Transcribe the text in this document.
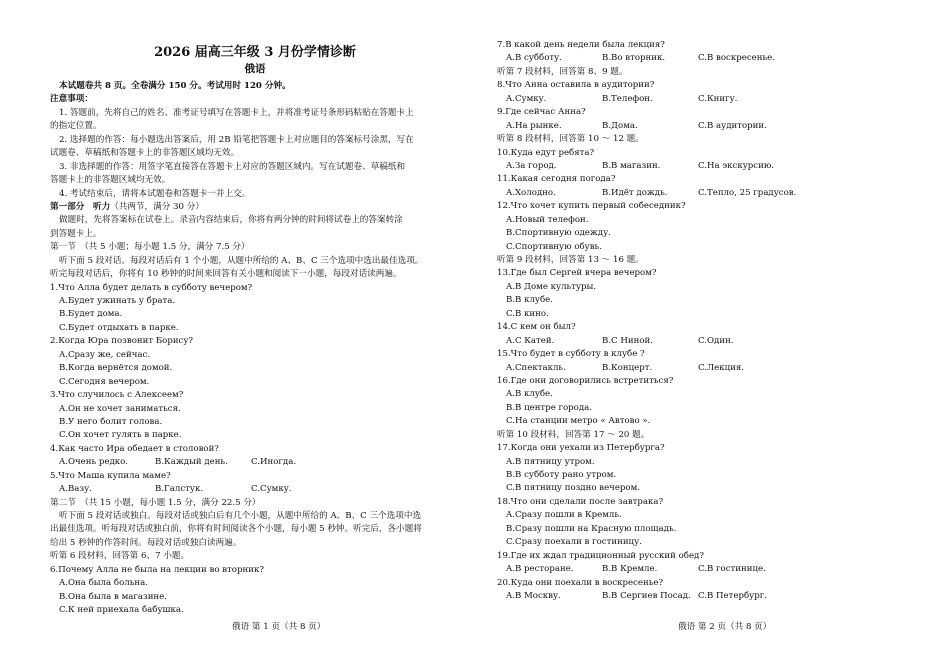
2026 届高三年级 3 月份学情诊断
俄语
本试题卷共 8 页。全卷满分 150 分。考试用时 120 分钟。
注意事项：
1. 答题前，先将自己的姓名、准考证号填写在答题卡上，并将准考证号条形码粘贴在答题卡上
的指定位置。
2. 选择题的作答：每小题选出答案后，用 2B 铅笔把答题卡上对应题目的答案标号涂黑，写在
试题卷、草稿纸和答题卡上的非答题区域均无效。
3. 非选择题的作答：用签字笔直接答在答题卡上对应的答题区域内。写在试题卷、草稿纸和
答题卡上的非答题区域均无效。
4. 考试结束后，请将本试题卷和答题卡一并上交。
第一部分　听力（共两节，满分 30 分）
做题时，先将答案标在试卷上。录音内容结束后，你将有两分钟的时间将试卷上的答案转涂
到答题卡上。
第一节　（共 5 小题；每小题 1.5 分，满分 7.5 分）
听下面 5 段对话。每段对话后有 1 个小题，从题中所给的 A、B、C 三个选项中选出最佳选项。
听完每段对话后，你将有 10 秒钟的时间来回答有关小题和阅读下一小题，每段对话读两遍。
1.Что Алла будет делать в субботу вечером?
A.Будет ужинать у брата.
B.Будет дома.
C.Будет отдыхать в парке.
2.Когда Юра позвонит Борису?
A.Сразу же, сейчас.
B.Когда вернётся домой.
C.Сегодня вечером.
3.Что случилось с Алексеем?
A.Он не хочет заниматься.
B.У него болит голова.
C.Он хочет гулять в парке.
4.Как часто Ира обедает в столовой?
A.Очень редко.	B.Каждый день.	C.Иногда.
5.Что Маша купила маме?
A.Вазу.	B.Галстук.	C.Сумку.
第二节　（共 15 小题，每小题 1.5 分，满分 22.5 分）
听下面 5 段对话或独白。每段对话或独白后有几个小题，从题中所给的 A、B、C 三个选项中选
出最佳选项。听每段对话或独白前，你将有时间阅读各个小题，每小题 5 秒钟。听完后，各小题将
给出 5 秒钟的作答时间。每段对话或独白读两遍。
听第 6 段材料，回答第 6、7 小题。
6.Почему Алла не была на лекции во вторник?
A.Она была больна.
B.Она была в магазине.
C.К ней приехала бабушка.
俄语 第 1 页（共 8 页）
7.В какой день недели была лекция?
A.В субботу.	B.Во вторник.	C.В воскресенье.
听第 7 段材料，回答第 8、9 题。
8.Что Анна оставила в аудитории?
A.Сумку.	B.Телефон.	C.Книгу.
9.Где сейчас Анна?
A.На рынке.	B.Дома.	C.В аудитории.
听第 8 段材料，回答第 10 ～ 12 题。
10.Куда едут ребята?
A.За город.	B.В магазин.	C.На экскурсию.
11.Какая сегодня погода?
A.Холодно.	B.Идёт дождь.	C.Тепло, 25 градусов.
12.Что хочет купить первый собеседник?
A.Новый телефон.
B.Спортивную одежду.
C.Спортивную обувь.
听第 9 段材料，回答第 13 ～ 16 题。
13.Где был Сергей вчера вечером?
A.В Доме культуры.
B.В клубе.
C.В кино.
14.С кем он был?
A.С Катей.	B.С Ниной.	C.Один.
15.Что будет в субботу в клубе ?
A.Спектакль.	B.Концерт.	C.Лекция.
16.Где они договорились встретиться?
A.В клубе.
B.В центре города.
C.На станции метро « Автово ».
听第 10 段材料，回答第 17 ～ 20 题。
17.Когда они уехали из Петербурга?
A.В пятницу утром.
B.В субботу рано утром.
C.В пятницу поздно вечером.
18.Что они сделали после завтрака?
A.Сразу пошли в Кремль.
B.Сразу пошли на Красную площадь.
C.Сразу поехали в гостиницу.
19.Где их ждал традиционный русский обед?
A.В ресторане.	B.В Кремле.	C.В гостинице.
20.Куда они поехали в воскресенье?
A.В Москву.	B.В Сергиев Посад. C.В Петербург.
俄语 第 2 页（共 8 页）
